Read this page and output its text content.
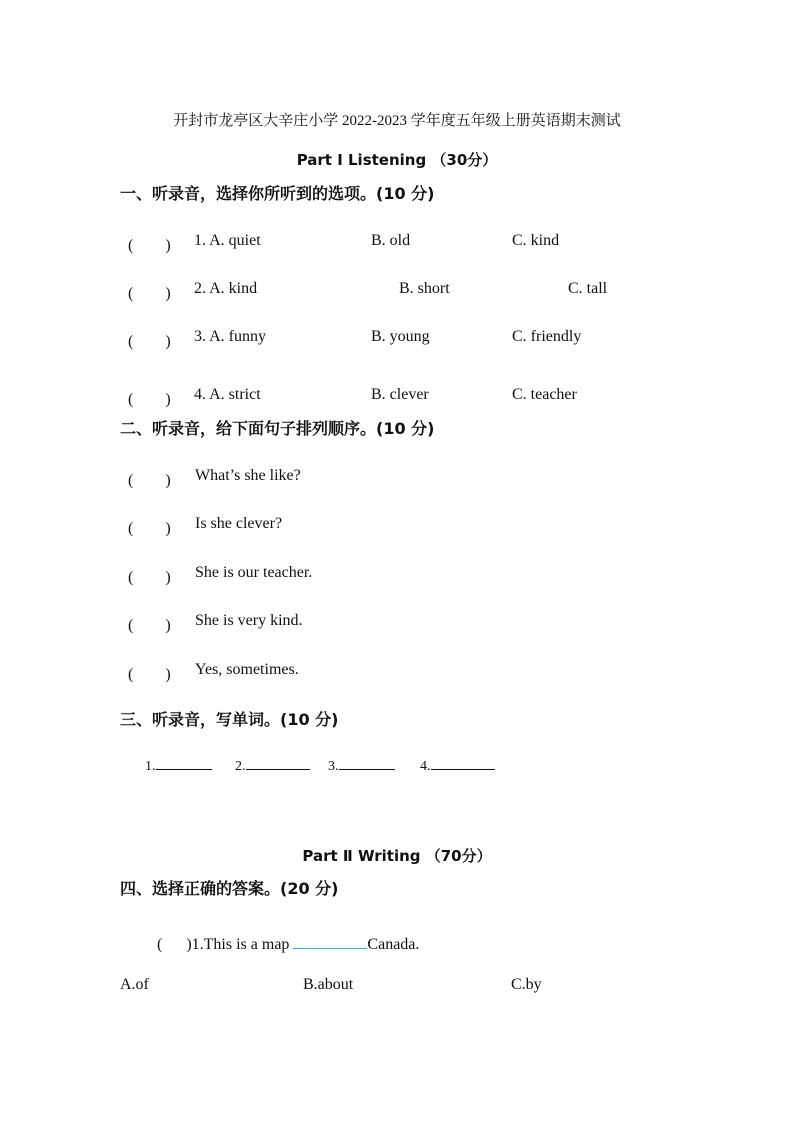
开封市龙亭区大辛庄小学 2022-2023 学年度五年级上册英语期末测试
Part Ⅰ Listening （30分）
一、听录音，选择你所听到的选项。(10 分)
(　　) 1. A. quiet	B. old	C. kind
(　　) 2. A. kind	B. short	C. tall
(　　) 3. A. funny	B. young	C. friendly
(　　) 4. A. strict	B. clever	C. teacher
二、听录音，给下面句子排列顺序。(10 分)
(　　) What’s she like?
(　　) Is she clever?
(　　) She is our teacher.
(　　) She is very kind.
(　　) Yes, sometimes.
三、听录音，写单词。(10 分)
1.	2.	3.	4.
Part Ⅱ Writing （70分）
四、选择正确的答案。(20 分)
( )1.This is a map	Canada.
A.of	B.about	C.by
